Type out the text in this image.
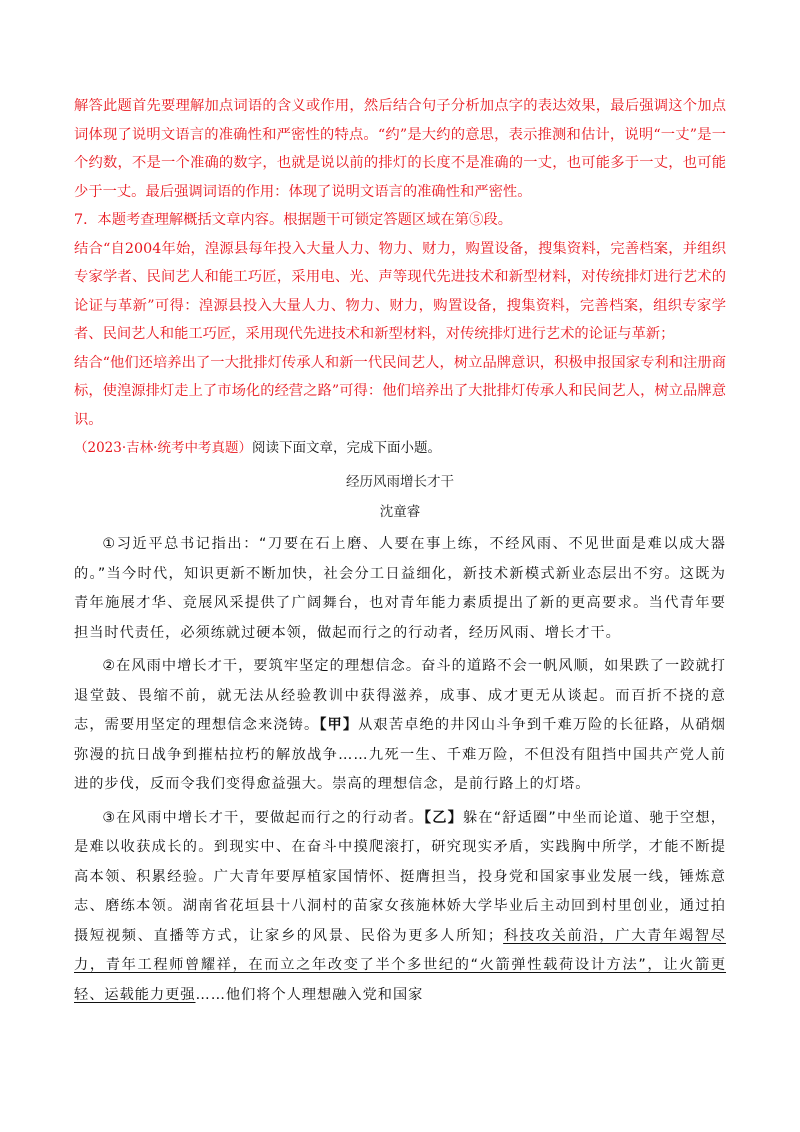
解答此题首先要理解加点词语的含义或作用，然后结合句子分析加点字的表达效果，最后强调这个加点词体现了说明文语言的准确性和严密性的特点。“约”是大约的意思，表示推测和估计，说明“一丈”是一个约数，不是一个准确的数字，也就是说以前的排灯的长度不是准确的一丈，也可能多于一丈，也可能少于一丈。最后强调词语的作用：体现了说明文语言的准确性和严密性。

7．本题考查理解概括文章内容。根据题干可锁定答题区域在第⑤段。

结合“自2004年始，湟源县每年投入大量人力、物力、财力，购置设备，搜集资料，完善档案，并组织专家学者、民间艺人和能工巧匠，采用电、光、声等现代先进技术和新型材料，对传统排灯进行艺术的论证与革新”可得：湟源县投入大量人力、物力、财力，购置设备，搜集资料，完善档案，组织专家学者、民间艺人和能工巧匠，采用现代先进技术和新型材料，对传统排灯进行艺术的论证与革新；

结合“他们还培养出了一大批排灯传承人和新一代民间艺人，树立品牌意识，积极申报国家专利和注册商标，使湟源排灯走上了市场化的经营之路”可得：他们培养出了大批排灯传承人和民间艺人，树立品牌意识。

（2023·吉林·统考中考真题）阅读下面文章，完成下面小题。
经历风雨增长才干
沈童睿

①习近平总书记指出：“刀要在石上磨、人要在事上练，不经风雨、不见世面是难以成大器的。”当今时代，知识更新不断加快，社会分工日益细化，新技术新模式新业态层出不穷。这既为青年施展才华、竞展风采提供了广阔舞台，也对青年能力素质提出了新的更高要求。当代青年要担当时代责任，必须练就过硬本领，做起而行之的行动者，经历风雨、增长才干。

②在风雨中增长才干，要筑牢坚定的理想信念。奋斗的道路不会一帆风顺，如果跌了一跤就打退堂鼓、畏缩不前，就无法从经验教训中获得滋养，成事、成才更无从谈起。而百折不挠的意志，需要用坚定的理想信念来浇铸。【甲】从艰苦卓绝的井冈山斗争到千难万险的长征路，从硝烟弥漫的抗日战争到摧枯拉朽的解放战争……九死一生、千难万险，不但没有阻挡中国共产党人前进的步伐，反而令我们变得愈益强大。崇高的理想信念，是前行路上的灯塔。

③在风雨中增长才干，要做起而行之的行动者。【乙】躲在“舒适圈”中坐而论道、驰于空想，是难以收获成长的。到现实中、在奋斗中摸爬滚打，研究现实矛盾，实践胸中所学，才能不断提高本领、积累经验。广大青年要厚植家国情怀、挺膺担当，投身党和国家事业发展一线，锤炼意志、磨练本领。湖南省花垣县十八洞村的苗家女孩施林娇大学毕业后主动回到村里创业，通过拍摄短视频、直播等方式，让家乡的风景、民俗为更多人所知；科技攻关前沿，广大青年竭智尽力，青年工程师曾耀祥，在而立之年改变了半个多世纪的“火箭弹性载荷设计方法”，让火箭更轻、运载能力更强……他们将个人理想融入党和国家
